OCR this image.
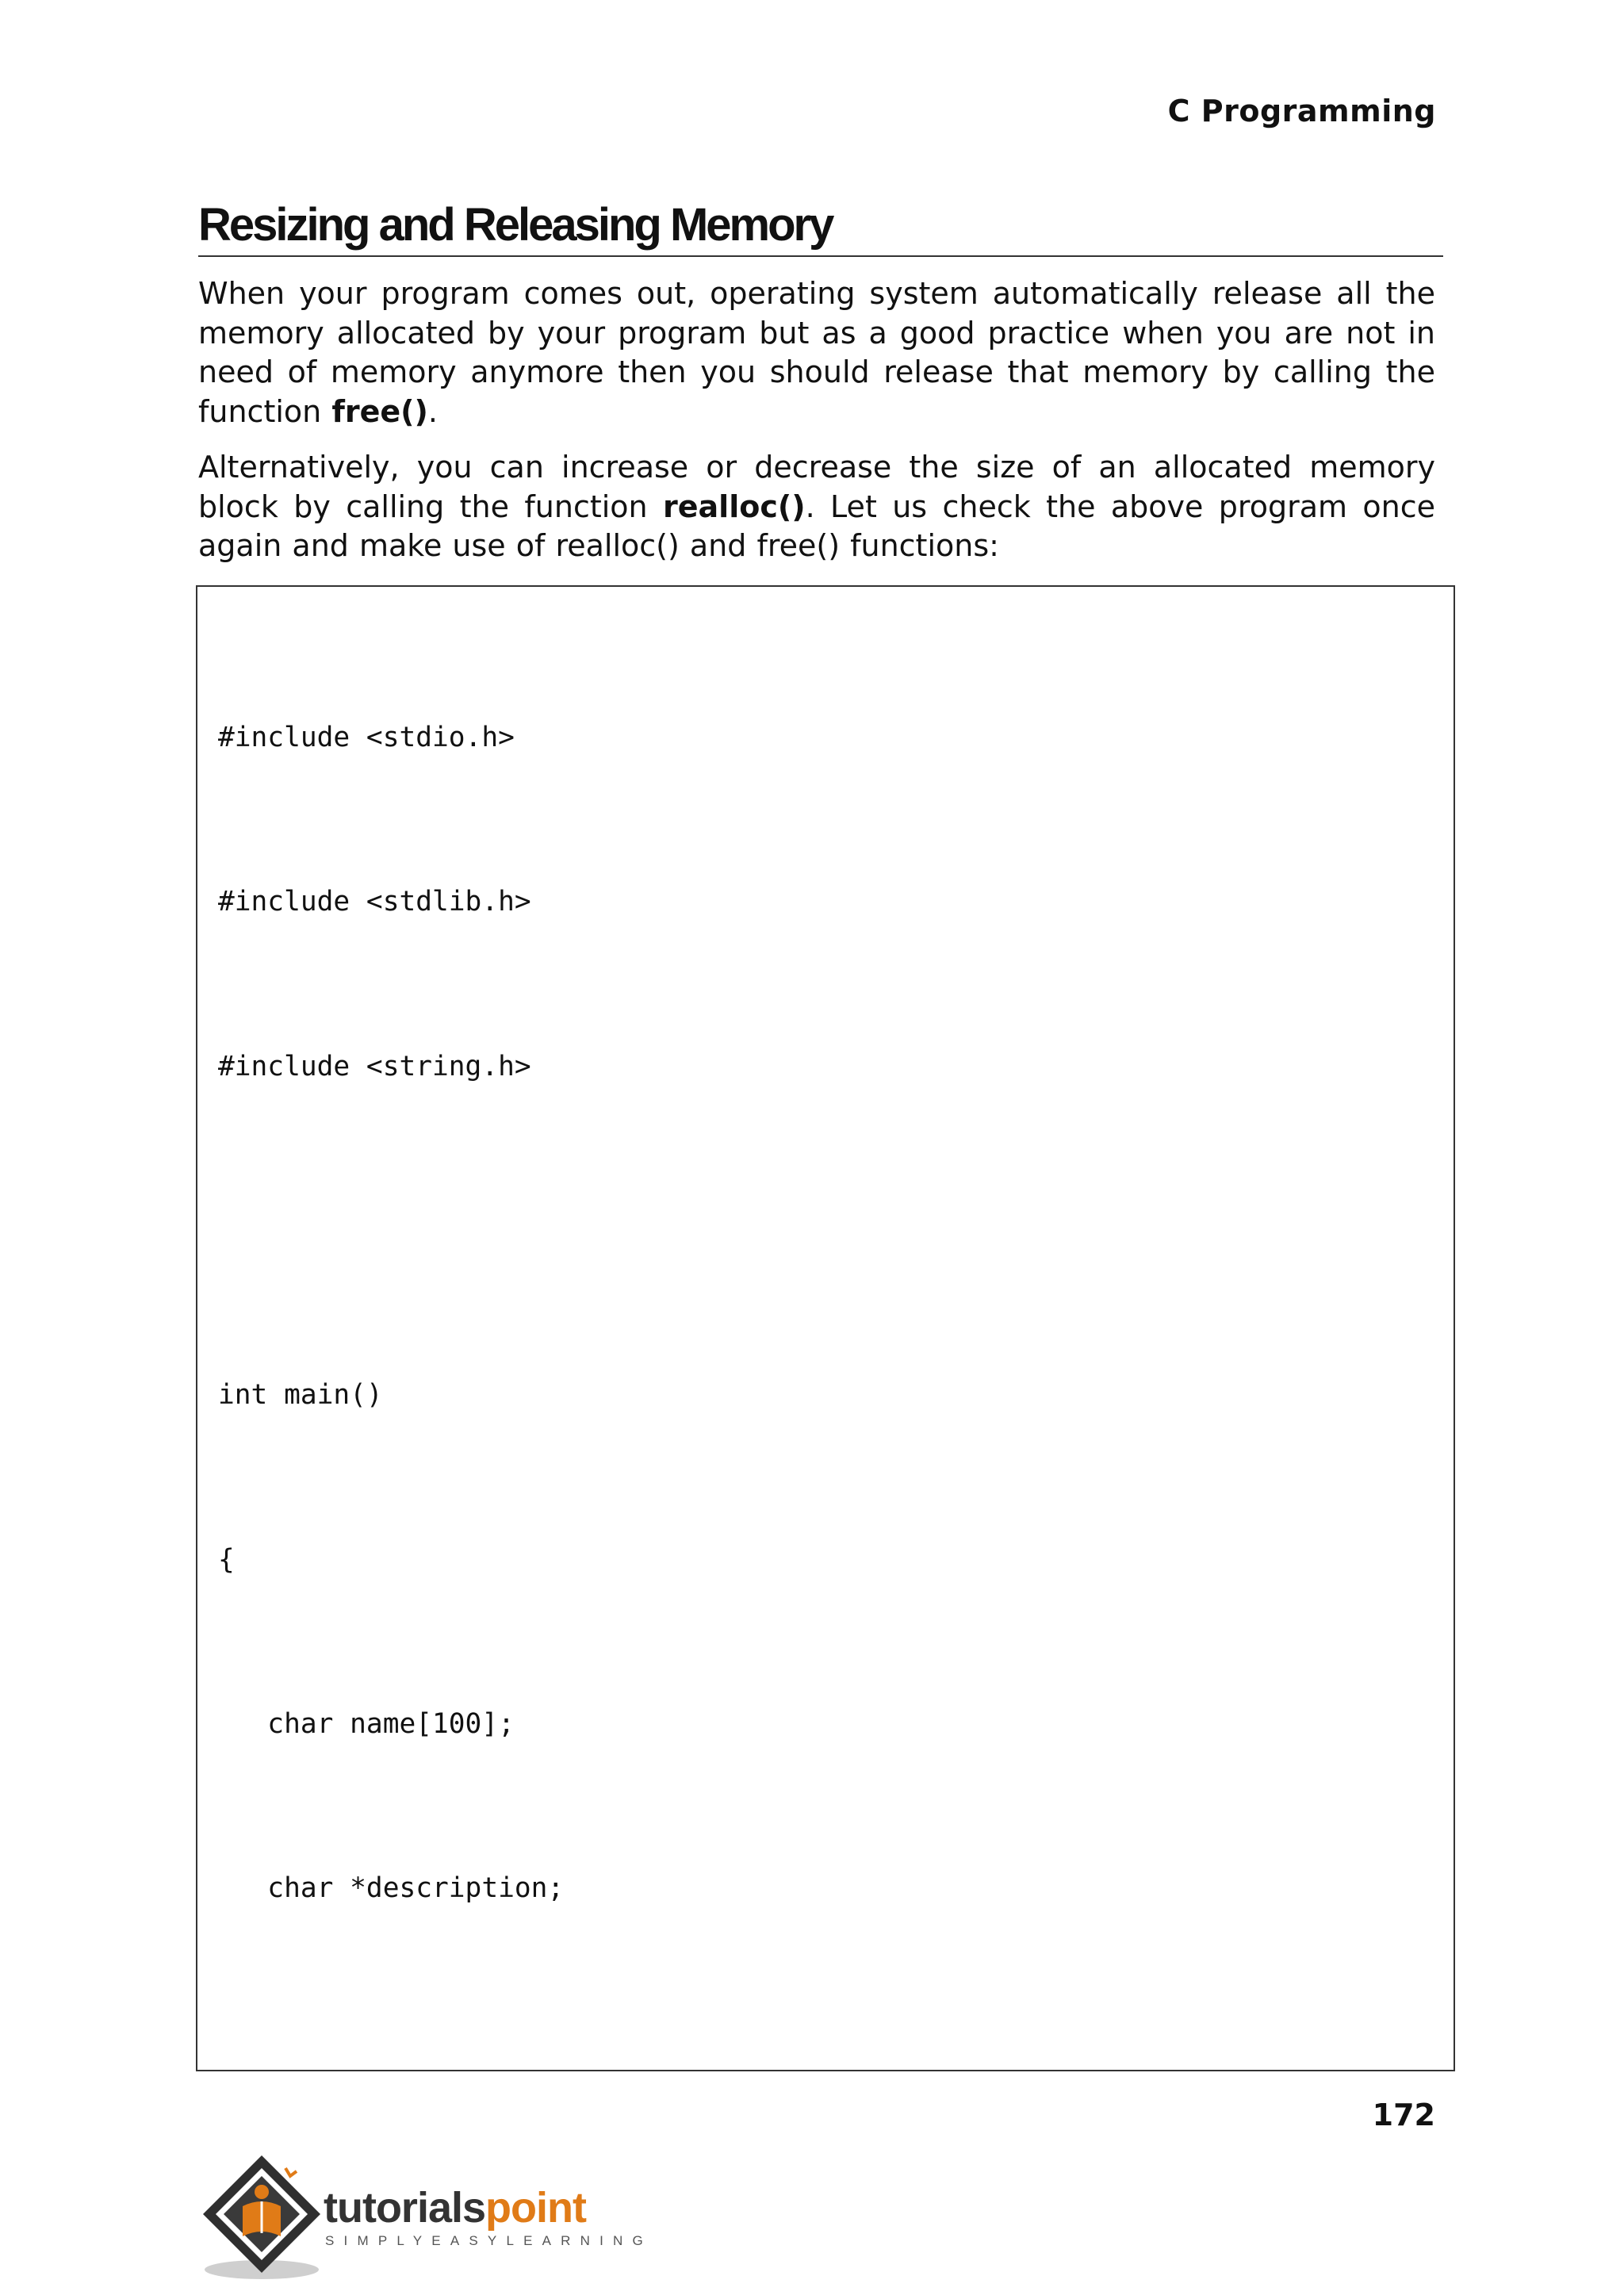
C Programming

Resizing and Releasing Memory

When your program comes out, operating system automatically release all the memory allocated by your program but as a good practice when you are not in need of memory anymore then you should release that memory by calling the function free().

Alternatively, you can increase or decrease the size of an allocated memory block by calling the function realloc(). Let us check the above program once again and make use of realloc() and free() functions:

#include <stdio.h>

#include <stdlib.h>

#include <string.h>

int main()

{

char name[100];

char *description;

172

tutorialspoint
SIMPLYEASYLEARNING
